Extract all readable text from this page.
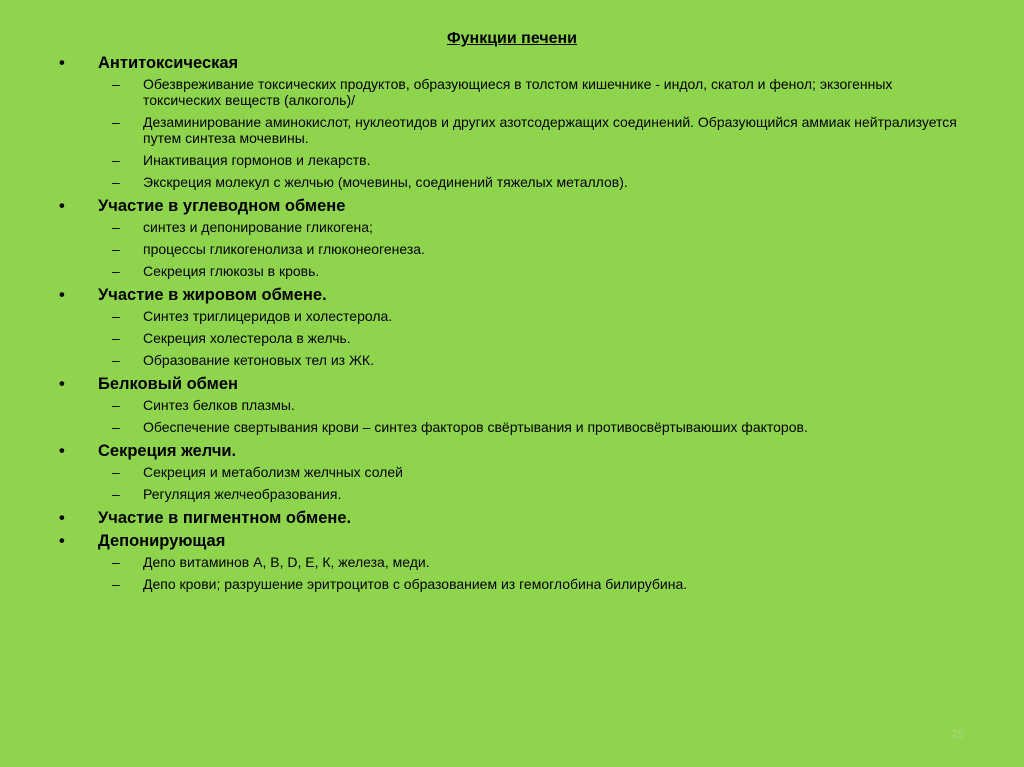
Функции печени
• Антитоксическая
– Обезвреживание токсических продуктов, образующиеся в толстом кишечнике - индол, скатол и фенол; экзогенных токсических веществ (алкоголь)/
– Дезаминирование аминокислот, нуклеотидов и других азотсодержащих соединений. Образующийся аммиак нейтрализуется путем синтеза мочевины.
– Инактивация гормонов и лекарств.
– Экскреция молекул с желчью (мочевины, соединений тяжелых металлов).
• Участие в углеводном обмене
– синтез и депонирование гликогена;
– процессы гликогенолиза и глюконеогенеза.
– Секреция глюкозы в кровь.
• Участие в жировом обмене.
– Синтез триглицеридов и холестерола.
– Секреция холестерола в желчь.
– Образование кетоновых тел из ЖК.
• Белковый обмен
– Синтез белков плазмы.
– Обеспечение свертывания крови – синтез факторов свёртывания и противосвёртываюших факторов.
• Секреция желчи.
– Секреция и метаболизм желчных солей
– Регуляция желчеобразования.
• Участие в пигментном обмене.
• Депонирующая
– Депо витаминов А, В, D, Е, К, железа, меди.
– Депо крови; разрушение эритроцитов с образованием из гемоглобина билирубина.
25
